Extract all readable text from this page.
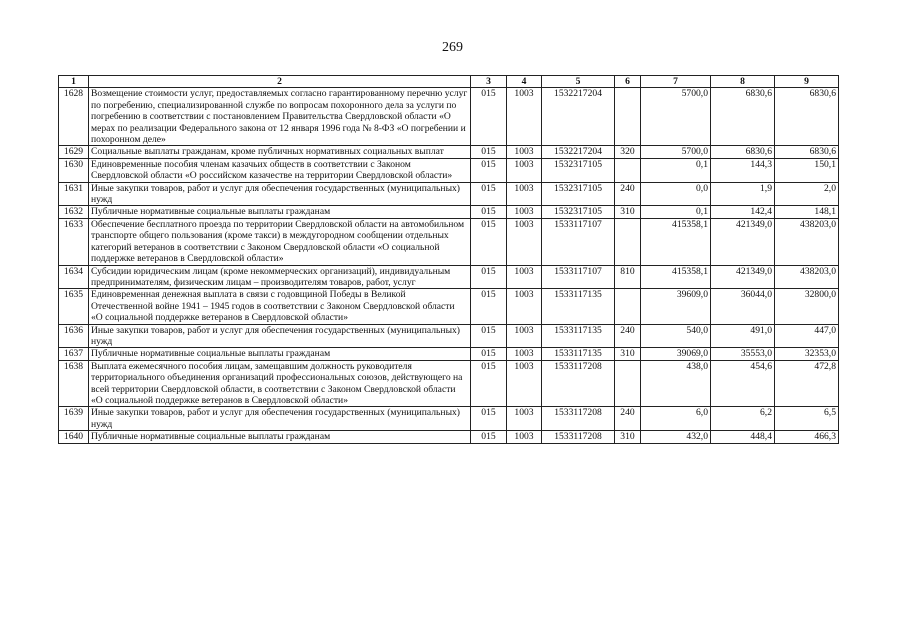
269
1	2	3	4	5	6	7	8	9
1628	Возмещение стоимости услуг, предоставляемых согласно гарантированному перечню услуг по погребению, специализированной службе по вопросам похоронного дела за услуги по погребению в соответствии с постановлением Правительства Свердловской области «О мерах по реализации Федерального закона от 12 января 1996 года № 8-ФЗ «О погребении и похоронном деле»	015	1003	1532217204		5700,0	6830,6	6830,6
1629	Социальные выплаты гражданам, кроме публичных нормативных социальных выплат	015	1003	1532217204	320	5700,0	6830,6	6830,6
1630	Единовременные пособия членам казачьих обществ в соответствии с Законом Свердловской области «О российском казачестве на территории Свердловской области»	015	1003	1532317105		0,1	144,3	150,1
1631	Иные закупки товаров, работ и услуг для обеспечения государственных (муниципальных) нужд	015	1003	1532317105	240	0,0	1,9	2,0
1632	Публичные нормативные социальные выплаты гражданам	015	1003	1532317105	310	0,1	142,4	148,1
1633	Обеспечение бесплатного проезда по территории Свердловской области на автомобильном транспорте общего пользования (кроме такси) в междугородном сообщении отдельных категорий ветеранов в соответствии с Законом Свердловской области «О социальной поддержке ветеранов в Свердловской области»	015	1003	1533117107		415358,1	421349,0	438203,0
1634	Субсидии юридическим лицам (кроме некоммерческих организаций), индивидуальным предпринимателям, физическим лицам – производителям товаров, работ, услуг	015	1003	1533117107	810	415358,1	421349,0	438203,0
1635	Единовременная денежная выплата в связи с годовщиной Победы в Великой Отечественной войне 1941 – 1945 годов в соответствии с Законом Свердловской области «О социальной поддержке ветеранов в Свердловской области»	015	1003	1533117135		39609,0	36044,0	32800,0
1636	Иные закупки товаров, работ и услуг для обеспечения государственных (муниципальных) нужд	015	1003	1533117135	240	540,0	491,0	447,0
1637	Публичные нормативные социальные выплаты гражданам	015	1003	1533117135	310	39069,0	35553,0	32353,0
1638	Выплата ежемесячного пособия лицам, замещавшим должность руководителя территориального объединения организаций профессиональных союзов, действующего на всей территории Свердловской области, в соответствии с Законом Свердловской области «О социальной поддержке ветеранов в Свердловской области»	015	1003	1533117208		438,0	454,6	472,8
1639	Иные закупки товаров, работ и услуг для обеспечения государственных (муниципальных) нужд	015	1003	1533117208	240	6,0	6,2	6,5
1640	Публичные нормативные социальные выплаты гражданам	015	1003	1533117208	310	432,0	448,4	466,3
